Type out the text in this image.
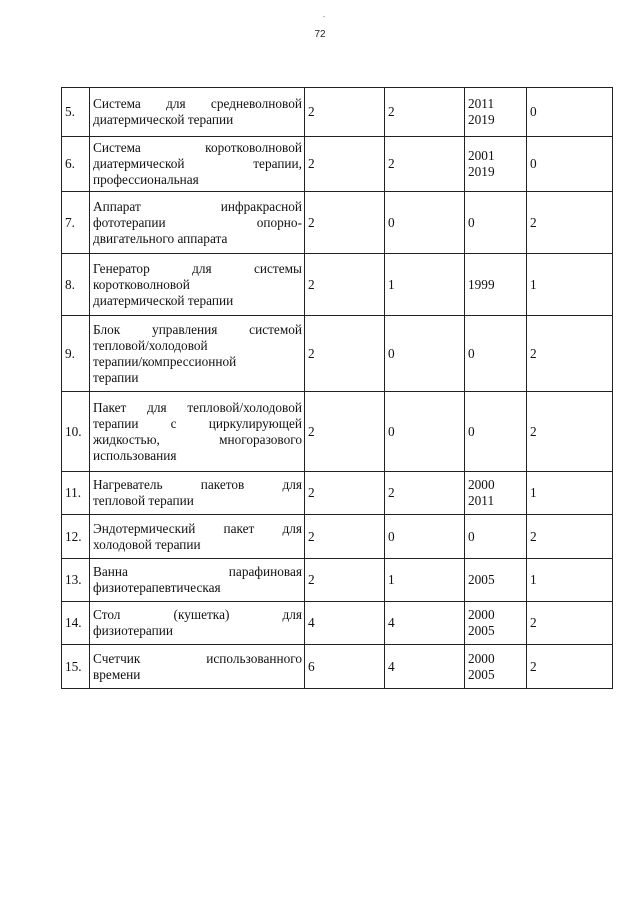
72
5.	Система для средневолновой
диатермической терапии	2	2	2011
2019	0
6.	Система коротковолновой
диатермической терапии,
профессиональная	2	2	2001
2019	0
7.	Аппарат инфракрасной
фототерапии опорно-
двигательного аппарата	2	0	0	2
8.	Генератор для системы
коротковолновой
диатермической терапии	2	1	1999	1
9.	Блок управления системой
тепловой/холодовой
терапии/компрессионной
терапии	2	0	0	2
10.	Пакет для тепловой/холодовой
терапии с циркулирующей
жидкостью, многоразового
использования	2	0	0	2
11.	Нагреватель пакетов для
тепловой терапии	2	2	2000
2011	1
12.	Эндотермический пакет для
холодовой терапии	2	0	0	2
13.	Ванна парафиновая
физиотерапевтическая	2	1	2005	1
14.	Стол (кушетка) для
физиотерапии	4	4	2000
2005	2
15.	Счетчик использованного
времени	6	4	2000
2005	2
